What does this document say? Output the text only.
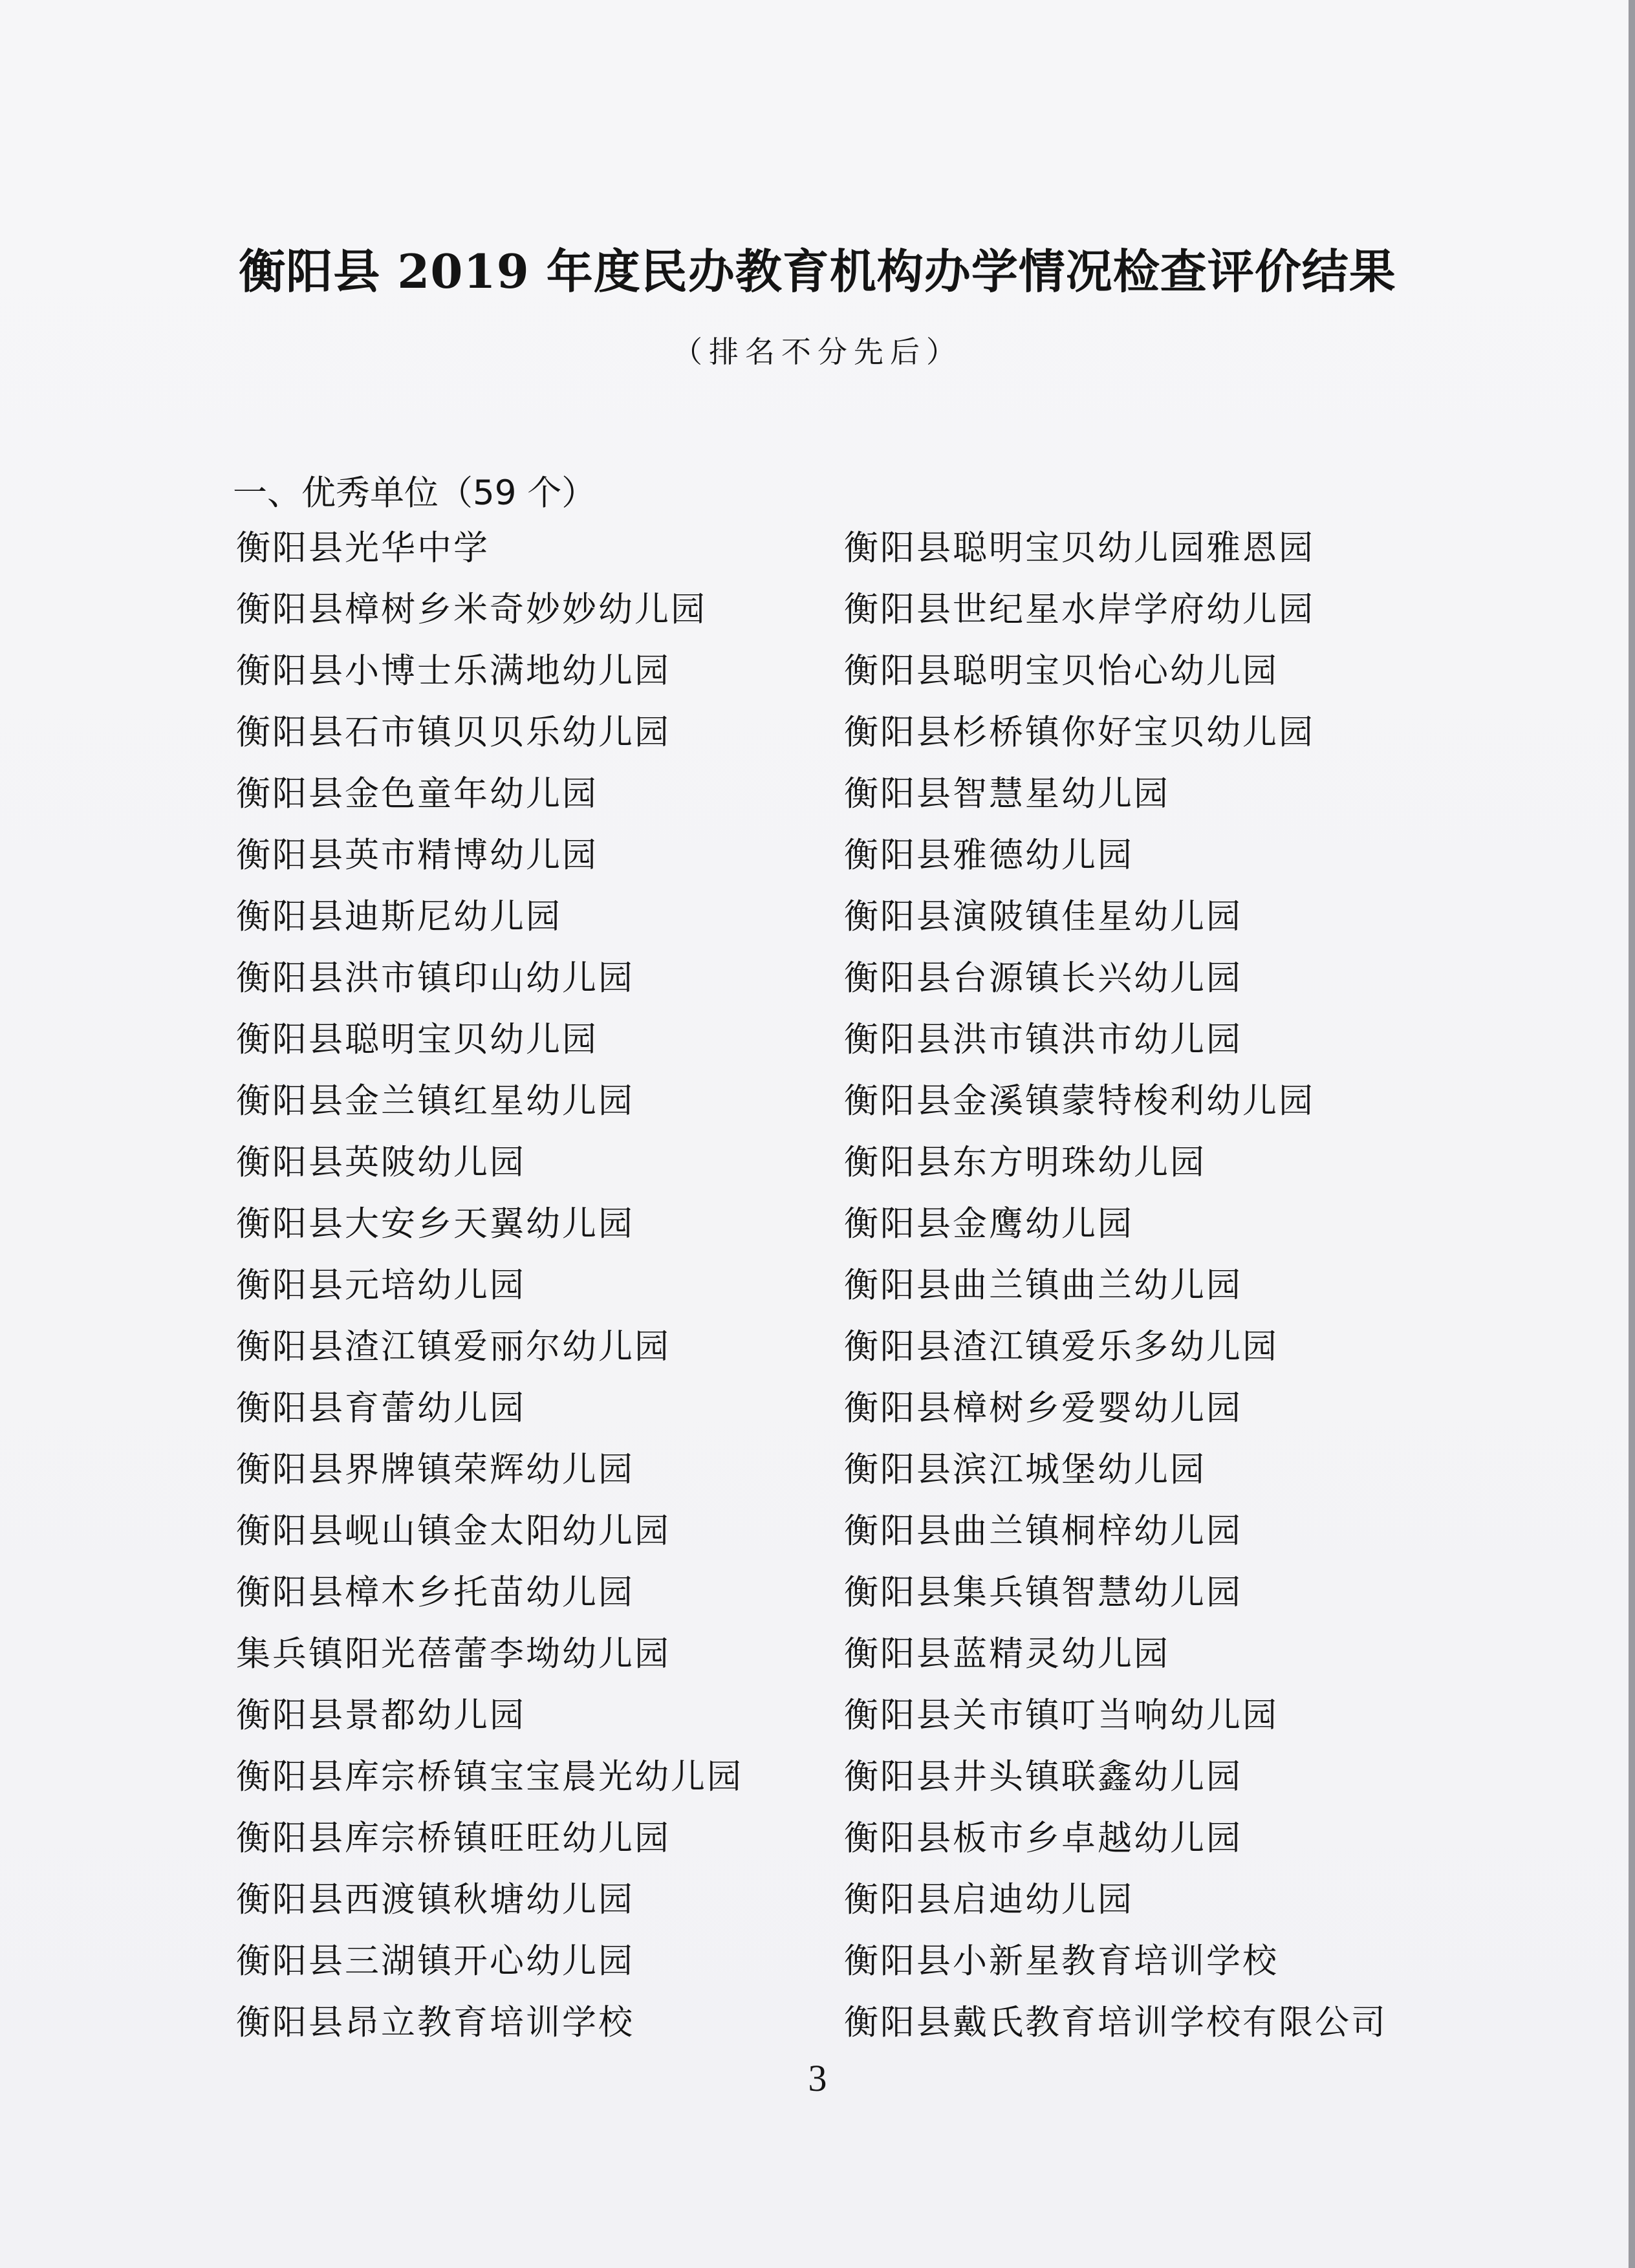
衡阳县 2019 年度民办教育机构办学情况检查评价结果
（排名不分先后）
一、优秀单位（59 个）
衡阳县光华中学
衡阳县樟树乡米奇妙妙幼儿园
衡阳县小博士乐满地幼儿园
衡阳县石市镇贝贝乐幼儿园
衡阳县金色童年幼儿园
衡阳县英市精博幼儿园
衡阳县迪斯尼幼儿园
衡阳县洪市镇印山幼儿园
衡阳县聪明宝贝幼儿园
衡阳县金兰镇红星幼儿园
衡阳县英陂幼儿园
衡阳县大安乡天翼幼儿园
衡阳县元培幼儿园
衡阳县渣江镇爱丽尔幼儿园
衡阳县育蕾幼儿园
衡阳县界牌镇荣辉幼儿园
衡阳县岘山镇金太阳幼儿园
衡阳县樟木乡托苗幼儿园
集兵镇阳光蓓蕾李坳幼儿园
衡阳县景都幼儿园
衡阳县库宗桥镇宝宝晨光幼儿园
衡阳县库宗桥镇旺旺幼儿园
衡阳县西渡镇秋塘幼儿园
衡阳县三湖镇开心幼儿园
衡阳县昂立教育培训学校
衡阳县聪明宝贝幼儿园雅恩园
衡阳县世纪星水岸学府幼儿园
衡阳县聪明宝贝怡心幼儿园
衡阳县杉桥镇你好宝贝幼儿园
衡阳县智慧星幼儿园
衡阳县雅德幼儿园
衡阳县演陂镇佳星幼儿园
衡阳县台源镇长兴幼儿园
衡阳县洪市镇洪市幼儿园
衡阳县金溪镇蒙特梭利幼儿园
衡阳县东方明珠幼儿园
衡阳县金鹰幼儿园
衡阳县曲兰镇曲兰幼儿园
衡阳县渣江镇爱乐多幼儿园
衡阳县樟树乡爱婴幼儿园
衡阳县滨江城堡幼儿园
衡阳县曲兰镇桐梓幼儿园
衡阳县集兵镇智慧幼儿园
衡阳县蓝精灵幼儿园
衡阳县关市镇叮当响幼儿园
衡阳县井头镇联鑫幼儿园
衡阳县板市乡卓越幼儿园
衡阳县启迪幼儿园
衡阳县小新星教育培训学校
衡阳县戴氏教育培训学校有限公司
3
